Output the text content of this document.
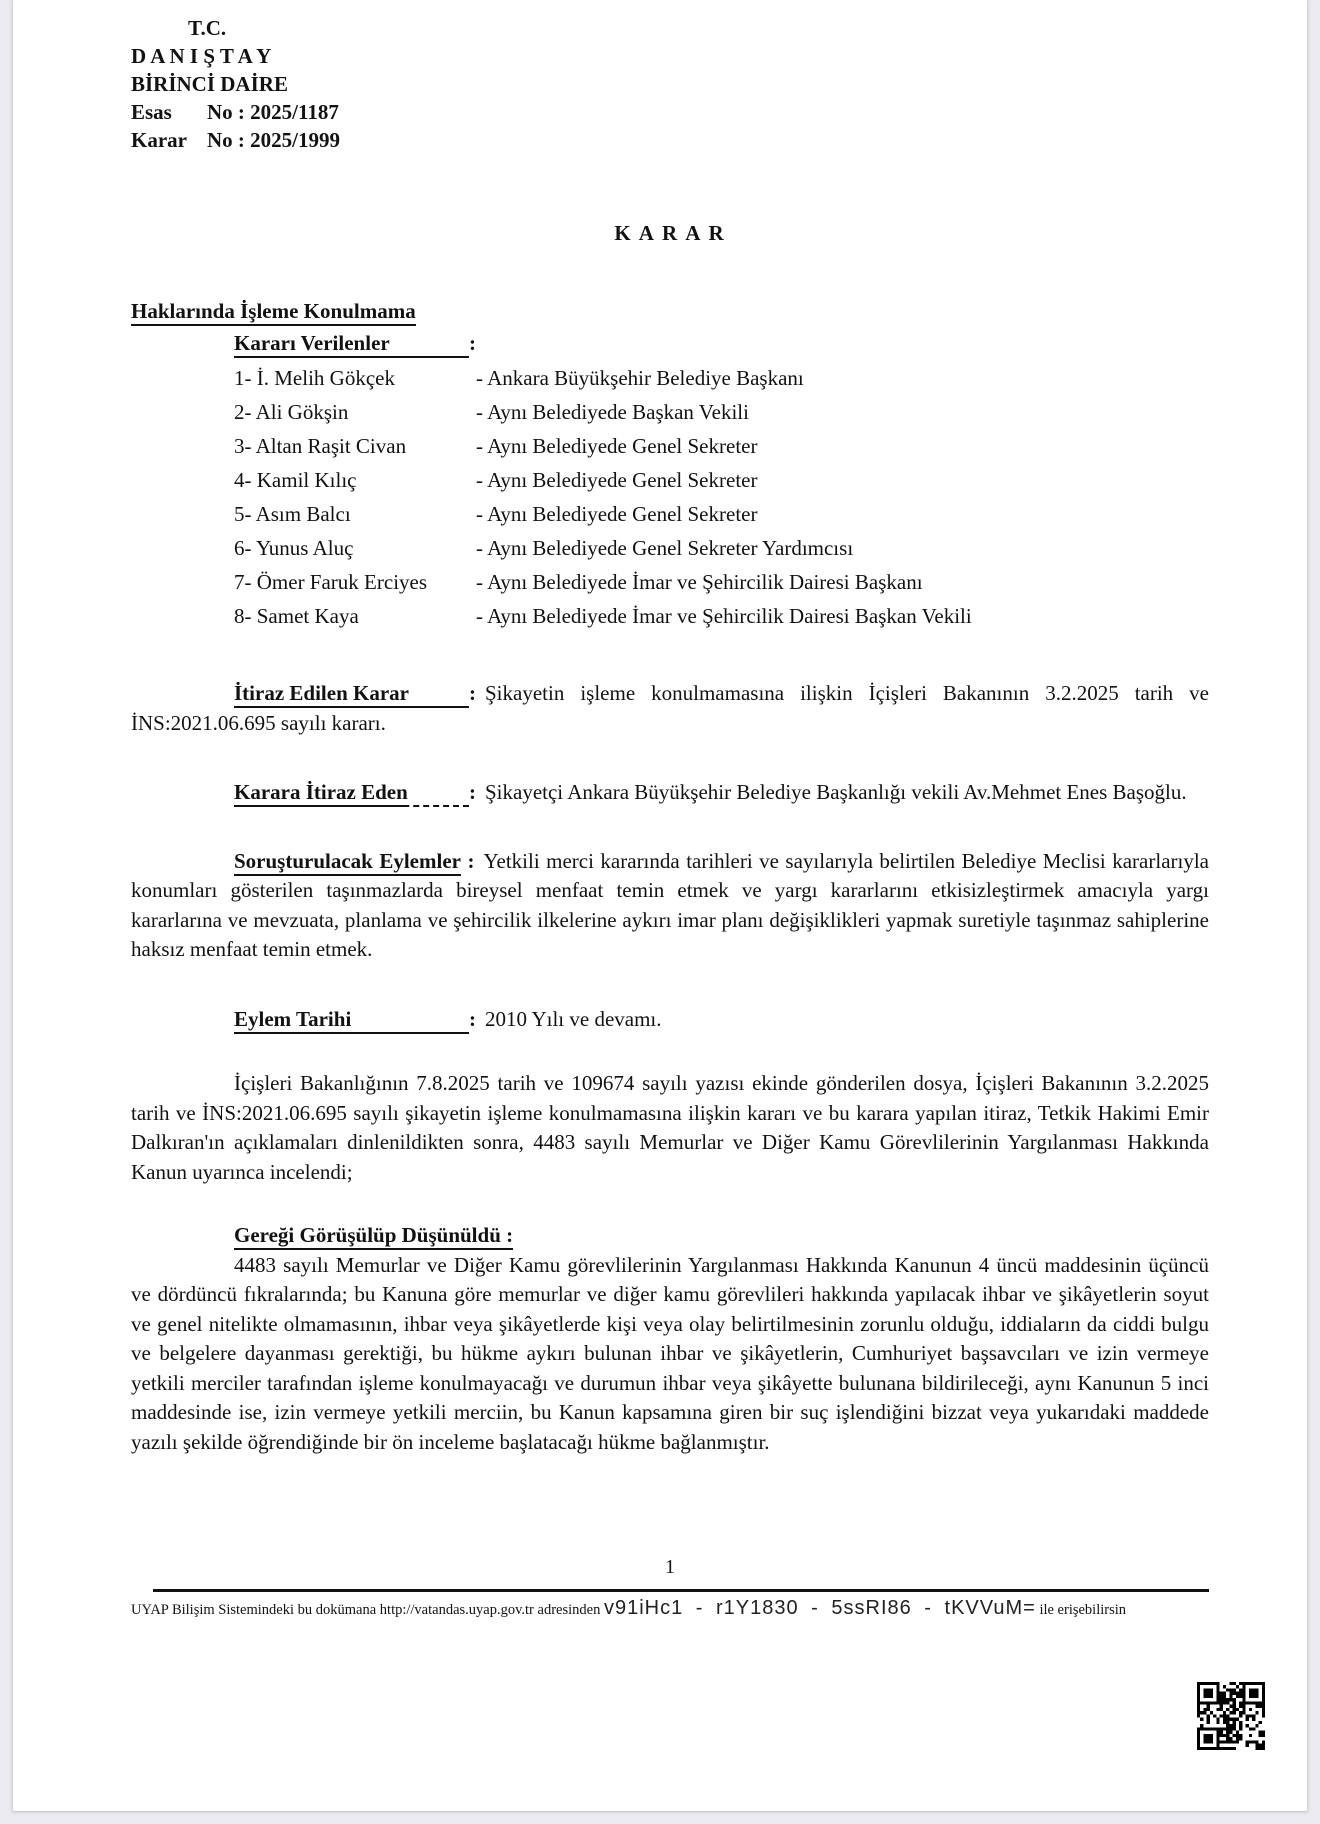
T.C.
D A N I Ş T A Y
BİRİNCİ DAİRE
Esas No : 2025/1187
Karar No : 2025/1999
K A R A R
Haklarında İşleme Konulmama
Kararı Verilenler	:
1- İ. Melih Gökçek	- Ankara Büyükşehir Belediye Başkanı
2- Ali Gökşin	- Aynı Belediyede Başkan Vekili
3- Altan Raşit Civan	- Aynı Belediyede Genel Sekreter
4- Kamil Kılıç	- Aynı Belediyede Genel Sekreter
5- Asım Balcı	- Aynı Belediyede Genel Sekreter
6- Yunus Aluç	- Aynı Belediyede Genel Sekreter Yardımcısı
7- Ömer Faruk Erciyes	- Aynı Belediyede İmar ve Şehircilik Dairesi Başkanı
8- Samet Kaya	- Aynı Belediyede İmar ve Şehircilik Dairesi Başkan Vekili

İtiraz Edilen Karar	: Şikayetin işleme konulmamasına ilişkin İçişleri Bakanının 3.2.2025 tarih ve İNS:2021.06.695 sayılı kararı.

Karara İtiraz Eden	: Şikayetçi Ankara Büyükşehir Belediye Başkanlığı vekili Av.Mehmet Enes Başoğlu.

Soruşturulacak Eylemler : Yetkili merci kararında tarihleri ve sayılarıyla belirtilen Belediye Meclisi kararlarıyla konumları gösterilen taşınmazlarda bireysel menfaat temin etmek ve yargı kararlarını etkisizleştirmek amacıyla yargı kararlarına ve mevzuata, planlama ve şehircilik ilkelerine aykırı imar planı değişiklikleri yapmak suretiyle taşınmaz sahiplerine haksız menfaat temin etmek.

Eylem Tarihi	: 2010 Yılı ve devamı.

İçişleri Bakanlığının 7.8.2025 tarih ve 109674 sayılı yazısı ekinde gönderilen dosya, İçişleri Bakanının 3.2.2025 tarih ve İNS:2021.06.695 sayılı şikayetin işleme konulmamasına ilişkin kararı ve bu karara yapılan itiraz, Tetkik Hakimi Emir Dalkıran'ın açıklamaları dinlenildikten sonra, 4483 sayılı Memurlar ve Diğer Kamu Görevlilerinin Yargılanması Hakkında Kanun uyarınca incelendi;

Gereği Görüşülüp Düşünüldü :

4483 sayılı Memurlar ve Diğer Kamu görevlilerinin Yargılanması Hakkında Kanunun 4 üncü maddesinin üçüncü ve dördüncü fıkralarında; bu Kanuna göre memurlar ve diğer kamu görevlileri hakkında yapılacak ihbar ve şikâyetlerin soyut ve genel nitelikte olmamasının, ihbar veya şikâyetlerde kişi veya olay belirtilmesinin zorunlu olduğu, iddiaların da ciddi bulgu ve belgelere dayanması gerektiği, bu hükme aykırı bulunan ihbar ve şikâyetlerin, Cumhuriyet başsavcıları ve izin vermeye yetkili merciler tarafından işleme konulmayacağı ve durumun ihbar veya şikâyette bulunana bildirileceği, aynı Kanunun 5 inci maddesinde ise, izin vermeye yetkili merciin, bu Kanun kapsamına giren bir suç işlendiğini bizzat veya yukarıdaki maddede yazılı şekilde öğrendiğinde bir ön inceleme başlatacağı hükme bağlanmıştır.

1
UYAP Bilişim Sistemindeki bu dokümana http://vatandas.uyap.gov.tr adresinden v91iHc1 - r1Y1830 - 5ssRI86 - tKVVuM= ile erişebilirsin
